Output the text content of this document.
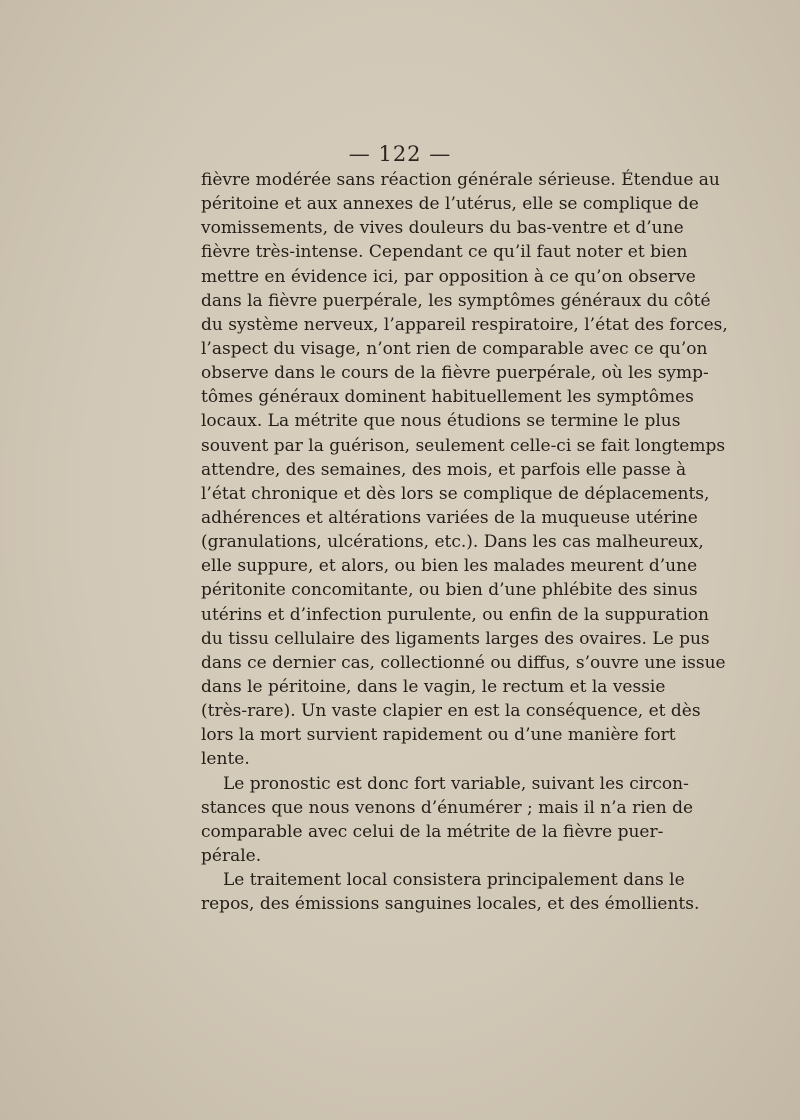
— 122 —
fièvre modérée sans réaction générale sérieuse. Étendue au
péritoine et aux annexes de l’utérus, elle se complique de
vomissements, de vives douleurs du bas-ventre et d’une
fièvre très-intense. Cependant ce qu’il faut noter et bien
mettre en évidence ici, par opposition à ce qu’on observe
dans la fièvre puerpérale, les symptômes généraux du côté
du système nerveux, l’appareil respiratoire, l’état des forces,
l’aspect du visage, n’ont rien de comparable avec ce qu’on
observe dans le cours de la fièvre puerpérale, où les symp-
tômes généraux dominent habituellement les symptômes
locaux. La métrite que nous étudions se termine le plus
souvent par la guérison, seulement celle-ci se fait longtemps
attendre, des semaines, des mois, et parfois elle passe à
l’état chronique et dès lors se complique de déplacements,
adhérences et altérations variées de la muqueuse utérine
(granulations, ulcérations, etc.). Dans les cas malheureux,
elle suppure, et alors, ou bien les malades meurent d’une
péritonite concomitante, ou bien d’une phlébite des sinus
utérins et d’infection purulente, ou enfin de la suppuration
du tissu cellulaire des ligaments larges des ovaires. Le pus
dans ce dernier cas, collectionné ou diffus, s’ouvre une issue
dans le péritoine, dans le vagin, le rectum et la vessie
(très-rare). Un vaste clapier en est la conséquence, et dès
lors la mort survient rapidement ou d’une manière fort
lente.
Le pronostic est donc fort variable, suivant les circon-
stances que nous venons d’énumérer ; mais il n’a rien de
comparable avec celui de la métrite de la fièvre puer-
pérale.
Le traitement local consistera principalement dans le
repos, des émissions sanguines locales, et des émollients.
